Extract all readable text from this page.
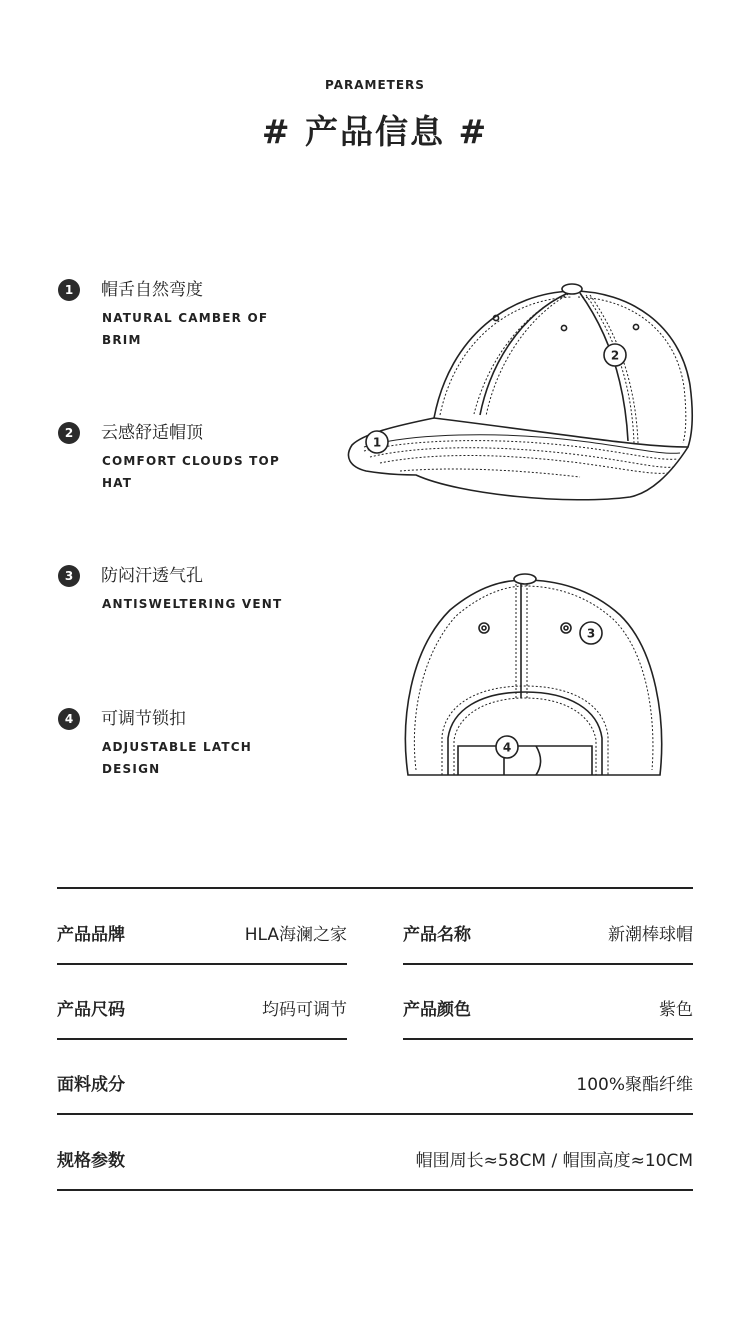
PARAMETERS
# 产品信息 #
1	帽舌自然弯度
NATURAL CAMBER OF BRIM
2	云感舒适帽顶
COMFORT CLOUDS TOP HAT
3	防闷汗透气孔
ANTISWELTERING VENT
4	可调节锁扣
ADJUSTABLE LATCH DESIGN
1
2
3
4
产品品牌	HLA海澜之家	产品名称	新潮棒球帽
产品尺码	均码可调节	产品颜色	紫色
面料成分	100%聚酯纤维
规格参数	帽围周长≈58CM / 帽围高度≈10CM
